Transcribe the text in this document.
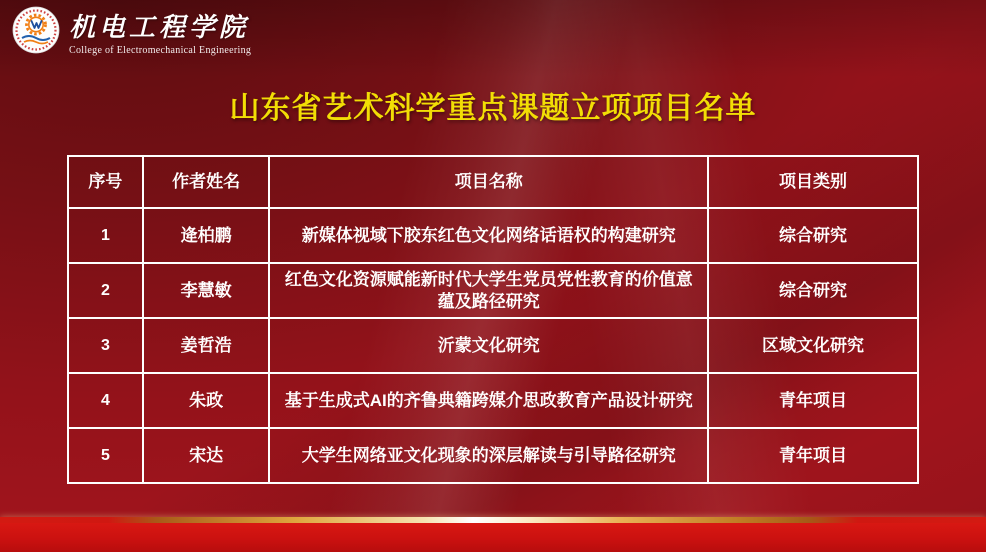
机电工程学院
College of Electromechanical Engineering
山东省艺术科学重点课题立项项目名单
序号	作者姓名	项目名称	项目类别
1	逄柏鹏	新媒体视域下胶东红色文化网络话语权的构建研究	综合研究
2	李慧敏	红色文化资源赋能新时代大学生党员党性教育的价值意蕴及路径研究	综合研究
3	姜哲浩	沂蒙文化研究	区域文化研究
4	朱政	基于生成式AI的齐鲁典籍跨媒介思政教育产品设计研究	青年项目
5	宋达	大学生网络亚文化现象的深层解读与引导路径研究	青年项目
